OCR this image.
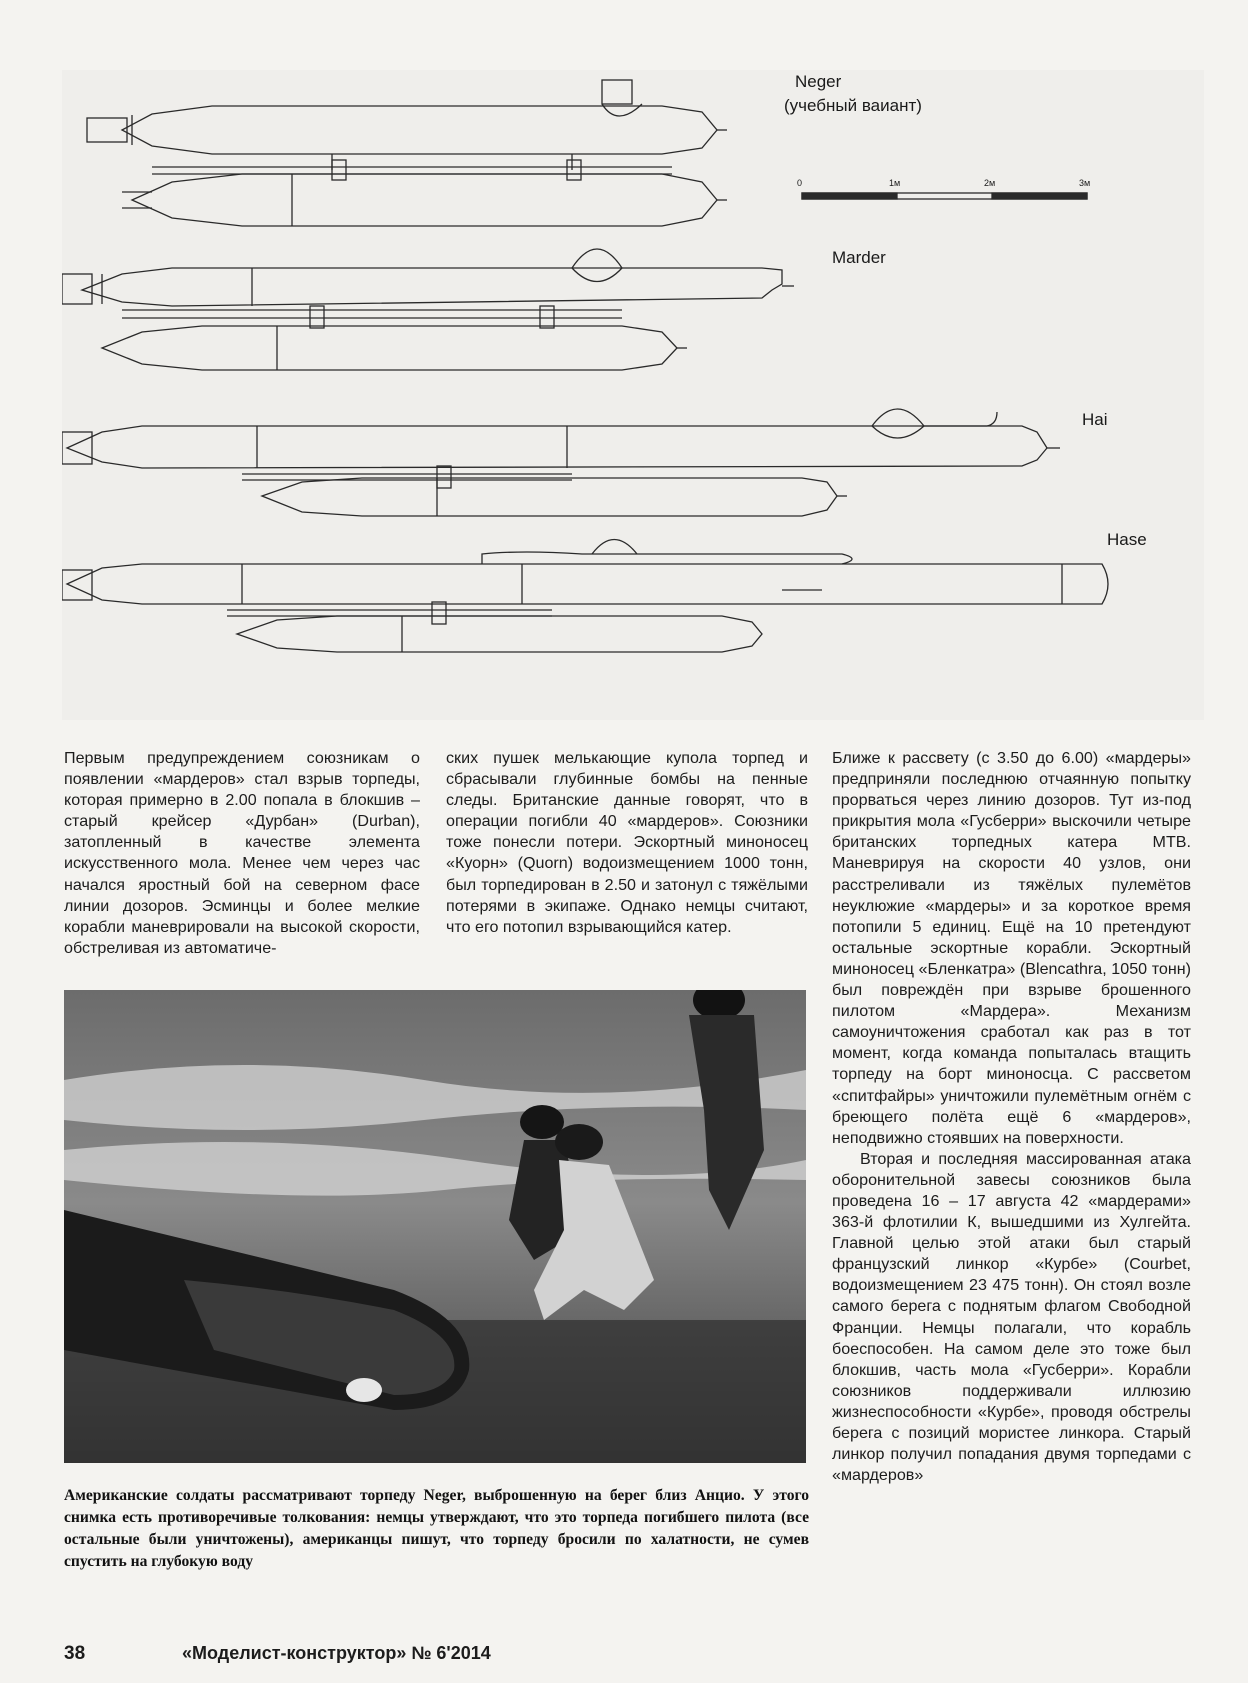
Neger
(учебный ваиант)
0	1м	2м	3м
Marder
Hai
Hase

Первым предупреждением союзникам о появлении «мардеров» стал взрыв торпеды, которая примерно в 2.00 попала в блокшив – старый крейсер «Дурбан» (Durban), затопленный в качестве элемента искусственного мола. Менее чем через час начался яростный бой на северном фасе линии дозоров. Эсминцы и более мелкие корабли маневрировали на высокой скорости, обстреливая из автоматиче-

ских пушек мелькающие купола торпед и сбрасывали глубинные бомбы на пенные следы. Британские данные говорят, что в операции погибли 40 «мардеров». Союзники тоже понесли потери. Эскортный миноносец «Куорн» (Quorn) водоизмещением 1000 тонн, был торпедирован в 2.50 и затонул с тяжёлыми потерями в экипаже. Однако немцы считают, что его потопил взрывающийся катер.

Ближе к рассвету (с 3.50 до 6.00) «мардеры» предприняли последнюю отчаянную попытку прорваться через линию дозоров. Тут из-под прикрытия мола «Гусберри» выскочили четыре британских торпедных катера МТВ. Маневрируя на скорости 40 узлов, они расстреливали из тяжёлых пулемётов неуклюжие «мардеры» и за короткое время потопили 5 единиц. Ещё на 10 претендуют остальные эскортные корабли. Эскортный миноносец «Бленкатра» (Blencathra, 1050 тонн) был повреждён при взрыве брошенного пилотом «Мардера». Механизм самоуничтожения сработал как раз в тот момент, когда команда попыталась втащить торпеду на борт миноносца. С рассветом «спитфайры» уничтожили пулемётным огнём с бреющего полёта ещё 6 «мардеров», неподвижно стоявших на поверхности.

Вторая и последняя массированная атака оборонительной завесы союзников была проведена 16 – 17 августа 42 «мардерами» 363-й флотилии К, вышедшими из Хулгейта. Главной целью этой атаки был старый французский линкор «Курбе» (Courbet, водоизмещением 23 475 тонн). Он стоял возле самого берега с поднятым флагом Свободной Франции. Немцы полагали, что корабль боеспособен. На самом деле это тоже был блокшив, часть мола «Гусберри». Корабли союзников поддерживали иллюзию жизнеспособности «Курбе», проводя обстрелы берега с позиций мористее линкора. Старый линкор получил попадания двумя торпедами с «мардеров»

Американские солдаты рассматривают торпеду Neger, выброшенную на берег близ Анцио. У этого снимка есть противоречивые толкования: немцы утверждают, что это торпеда погибшего пилота (все остальные были уничтожены), американцы пишут, что торпеду бросили по халатности, не сумев спустить на глубокую воду
38	«Моделист-конструктор» № 6'2014
